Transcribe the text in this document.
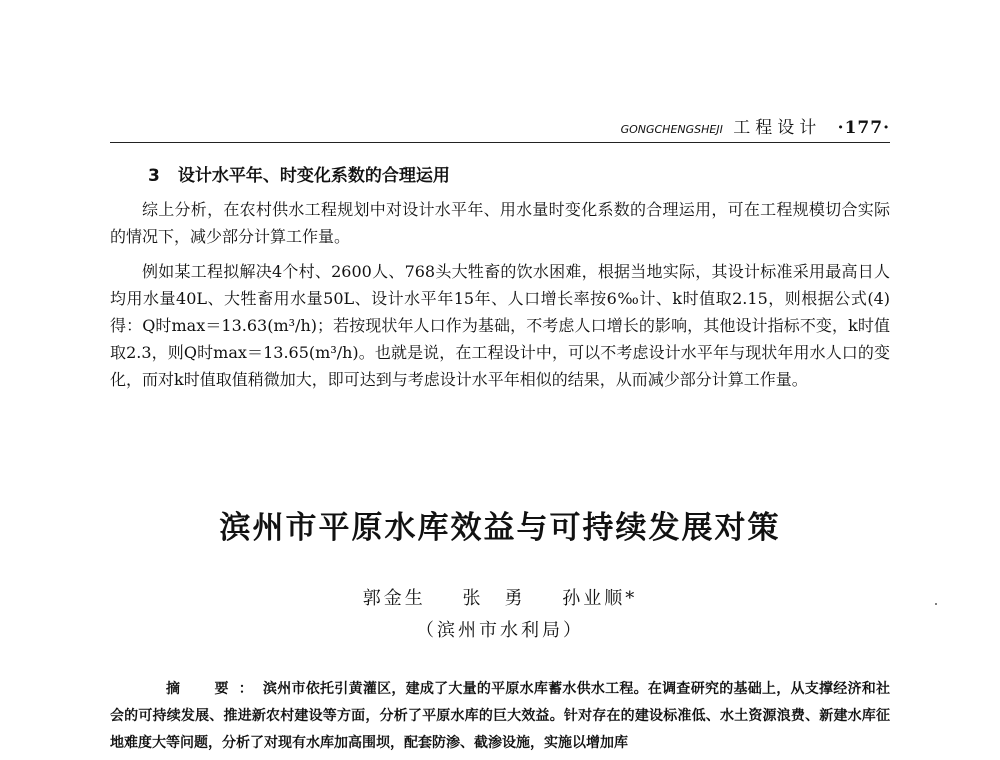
GONGCHENGSHEJI 工程设计 ·177·
3 设计水平年、时变化系数的合理运用

综上分析，在农村供水工程规划中对设计水平年、用水量时变化系数的合理运用，可在工程规模切合实际的情况下，减少部分计算工作量。

例如某工程拟解决4个村、2600人、768头大牲畜的饮水困难，根据当地实际，其设计标准采用最高日人均用水量40L、大牲畜用水量50L、设计水平年15年、人口增长率按6‰计、k时值取2.15，则根据公式(4)得：Q时max＝13.63(m³/h)；若按现状年人口作为基础，不考虑人口增长的影响，其他设计指标不变，k时值取2.3，则Q时max＝13.65(m³/h)。也就是说，在工程设计中，可以不考虑设计水平年与现状年用水人口的变化，而对k时值取值稍微加大，即可达到与考虑设计水平年相似的结果，从而减少部分计算工作量。

滨州市平原水库效益与可持续发展对策
郭金生 张　勇 孙业顺*
（滨州市水利局）

摘　要：滨州市依托引黄灌区，建成了大量的平原水库蓄水供水工程。在调查研究的基础上，从支撑经济和社会的可持续发展、推进新农村建设等方面，分析了平原水库的巨大效益。针对存在的建设标准低、水土资源浪费、新建水库征地难度大等问题，分析了对现有水库加高围坝，配套防渗、截渗设施，实施以增加库
